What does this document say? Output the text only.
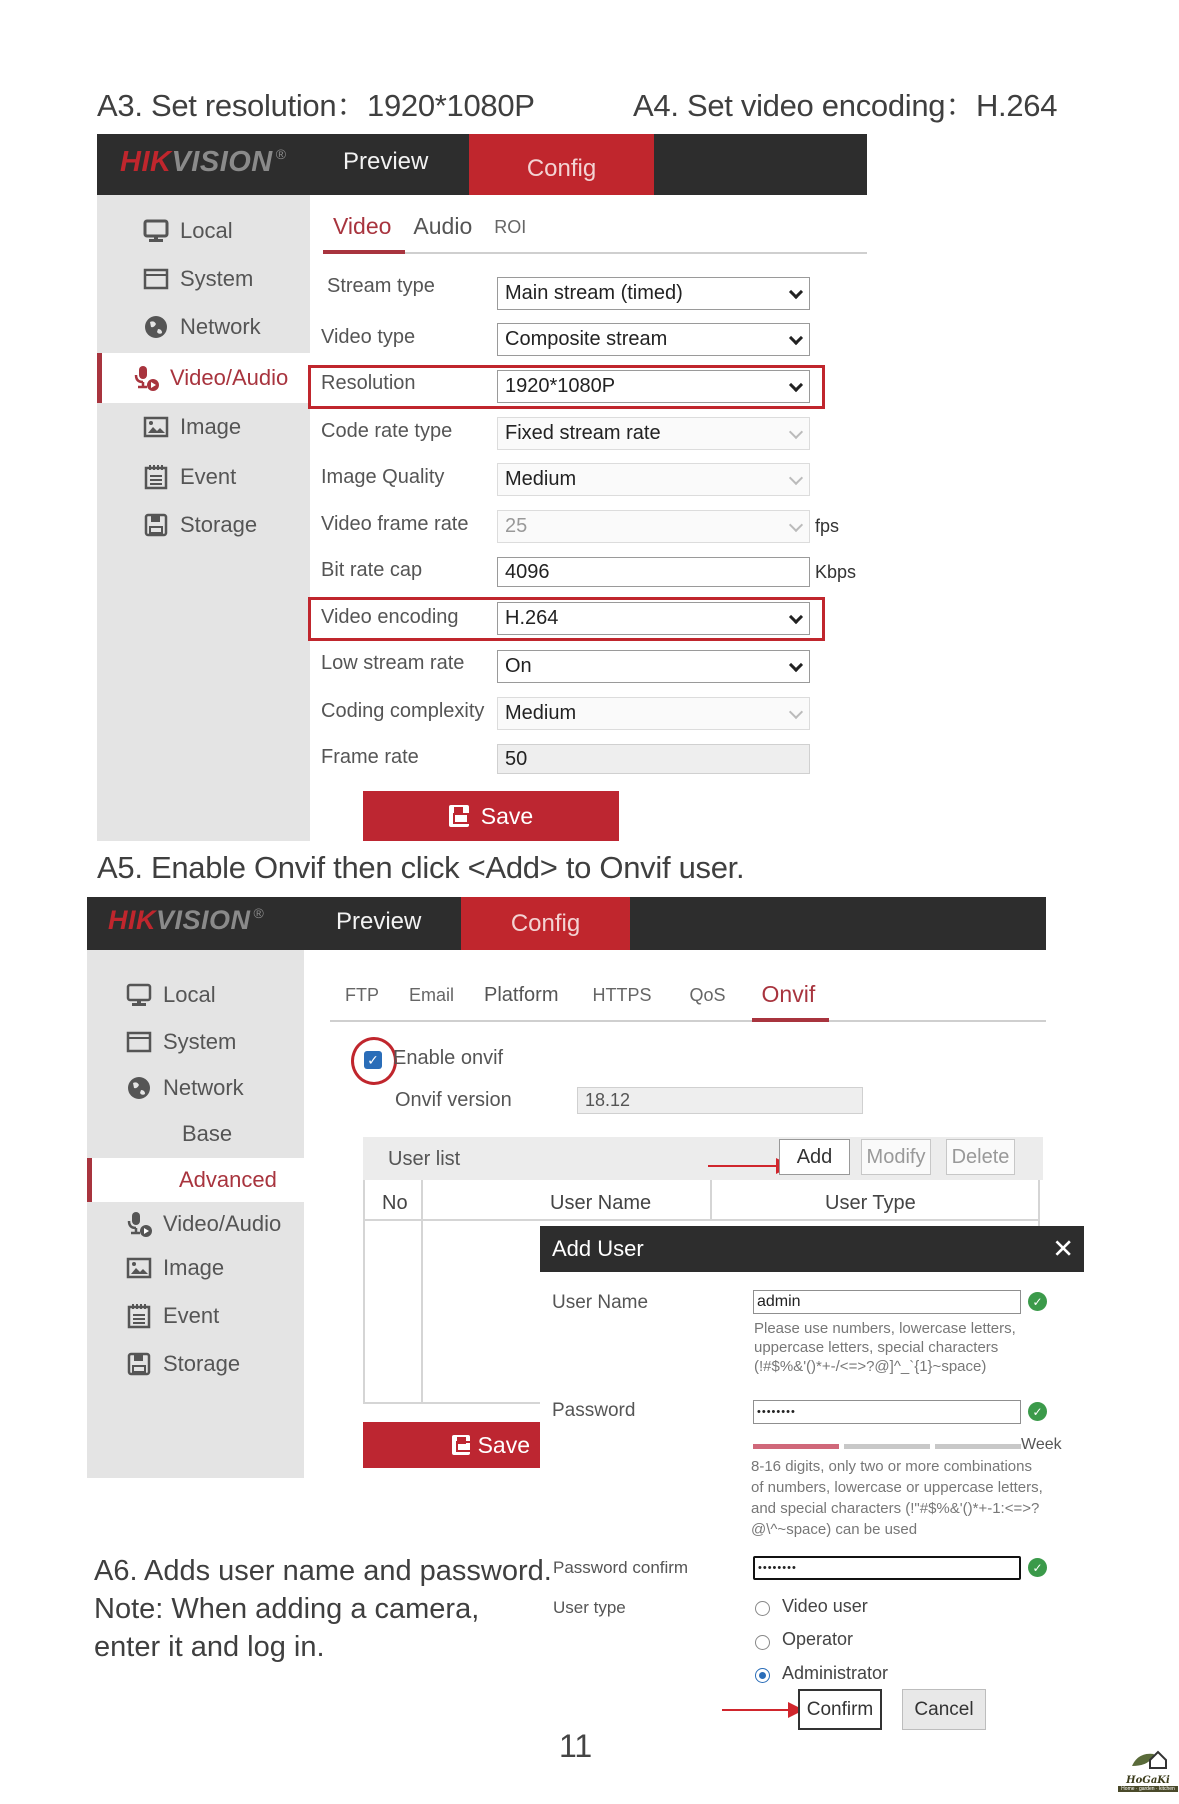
A3. Set resolution：1920*1080P	A4. Set video encoding：H.264
HIKVISION ® Preview	Config
Local
System
Network
Video/Audio
Image
Event
Storage
Video Audio ROI
Stream type	Main stream (timed)
Video type	Composite stream
Resolution	1920*1080P
Code rate type	Fixed stream rate
Image Quality	Medium
Video frame rate 25	fps
Bit rate cap	4096	Kbps
Video encoding H.264
Low stream rate On
Coding complexity Medium
Frame rate	50
Save
A5. Enable Onvif then click <Add> to Onvif user.
HIKVISION ®	Preview	Config
Local
System
Network
Base
Advanced
Video/Audio
Image
Event
Storage
FTP Email Platform HTTPS QoS Onvif
✓ Enable onvif
Onvif version	18.12
User list	Add	Modify Delete
No	User Name	User Type
Save
Add User	✕
User Name	admin	✓
Please use numbers, lowercase letters,
uppercase letters, special characters
(!#$%&'()*+-/<=>?@]^_`{1}~space)
Password	••••••••	✓
Week
8-16 digits, only two or more combinations
of numbers, lowercase or uppercase letters,
and special characters (!"#$%&'()*+-1:<=>?
@\^~space) can be used
Password confirm	••••••••	✓
User type	Video user
Operator
Administrator
Confirm	Cancel
A6. Adds user name and password.
Note: When adding a camera,
enter it and log in.
11
HoGaKi
Home · garden · kitchen
